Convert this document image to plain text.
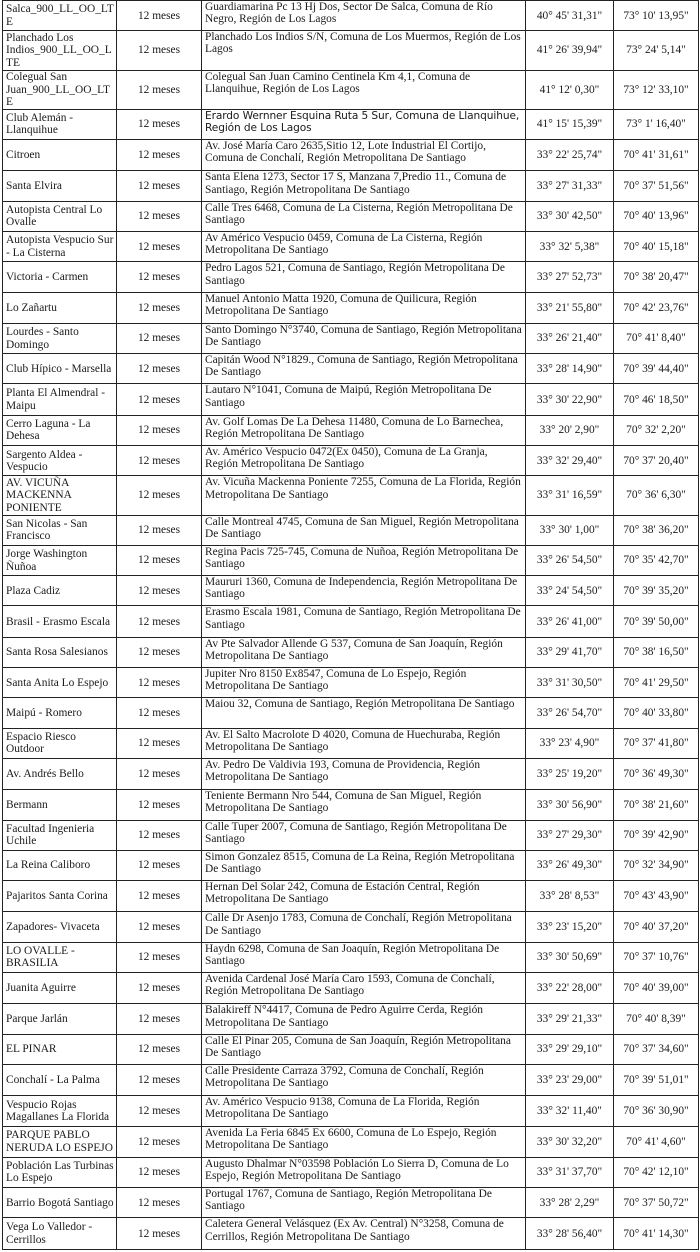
Salca_900_LL_OO_LTE	12 meses	Guardiamarina Pc 13 Hj Dos, Sector De Salca, Comuna de Río Negro, Región de Los Lagos	40° 45' 31,31"	73° 10' 13,95"
Planchado Los Indios_900_LL_OO_LTE	12 meses	Planchado Los Indios S/N, Comuna de Los Muermos, Región de Los Lagos	41° 26' 39,94"	73° 24' 5,14"
Colegual San Juan_900_LL_OO_LTE	12 meses	Colegual San Juan Camino Centinela Km 4,1, Comuna de Llanquihue, Región de Los Lagos	41° 12' 0,30"	73° 12' 33,10"
Club Alemán - Llanquihue	12 meses	Erardo Wernner Esquina Ruta 5 Sur, Comuna de Llanquihue, Región de Los Lagos	41° 15' 15,39"	73° 1' 16,40"
Citroen	12 meses	Av. José María Caro 2635,Sitio 12, Lote Industrial El Cortijo, Comuna de Conchalí, Región Metropolitana De Santiago	33° 22' 25,74"	70° 41' 31,61"
Santa Elvira	12 meses	Santa Elena 1273, Sector 17 S, Manzana 7,Predio 11., Comuna de Santiago, Región Metropolitana De Santiago	33° 27' 31,33"	70° 37' 51,56"
Autopista Central Lo Ovalle	12 meses	Calle Tres 6468, Comuna de La Cisterna, Región Metropolitana De Santiago	33° 30' 42,50"	70° 40' 13,96"
Autopista Vespucio Sur - La Cisterna	12 meses	Av Américo Vespucio 0459, Comuna de La Cisterna, Región Metropolitana De Santiago	33° 32' 5,38"	70° 40' 15,18"
Victoria - Carmen	12 meses	Pedro Lagos 521, Comuna de Santiago, Región Metropolitana De Santiago	33° 27' 52,73"	70° 38' 20,47"
Lo Zañartu	12 meses	Manuel Antonio Matta 1920, Comuna de Quilicura, Región Metropolitana De Santiago	33° 21' 55,80"	70° 42' 23,76"
Lourdes - Santo Domingo	12 meses	Santo Domingo N°3740, Comuna de Santiago, Región Metropolitana De Santiago	33° 26' 21,40"	70° 41' 8,40"
Club Hípico - Marsella	12 meses	Capitán Wood N°1829., Comuna de Santiago, Región Metropolitana De Santiago	33° 28' 14,90"	70° 39' 44,40"
Planta El Almendral - Maipu	12 meses	Lautaro N°1041, Comuna de Maipú, Región Metropolitana De Santiago	33° 30' 22,90"	70° 46' 18,50"
Cerro Laguna - La Dehesa	12 meses	Av. Golf Lomas De La Dehesa 11480, Comuna de Lo Barnechea, Región Metropolitana De Santiago	33° 20' 2,90"	70° 32' 2,20"
Sargento Aldea - Vespucio	12 meses	Av. Américo Vespucio 0472(Ex 0450), Comuna de La Granja, Región Metropolitana De Santiago	33° 32' 29,40"	70° 37' 20,40"
AV. VICUÑA MACKENNA PONIENTE	12 meses	Av. Vicuña Mackenna Poniente 7255, Comuna de La Florida, Región Metropolitana De Santiago	33° 31' 16,59"	70° 36' 6,30"
San Nicolas - San Francisco	12 meses	Calle Montreal 4745, Comuna de San Miguel, Región Metropolitana De Santiago	33° 30' 1,00"	70° 38' 36,20"
Jorge Washington Ñuñoa	12 meses	Regina Pacis 725-745, Comuna de Nuñoa, Región Metropolitana De Santiago	33° 26' 54,50"	70° 35' 42,70"
Plaza Cadiz	12 meses	Maururi 1360, Comuna de Independencia, Región Metropolitana De Santiago	33° 24' 54,50"	70° 39' 35,20"
Brasil - Erasmo Escala	12 meses	Erasmo Escala 1981, Comuna de Santiago, Región Metropolitana De Santiago	33° 26' 41,00"	70° 39' 50,00"
Santa Rosa Salesianos	12 meses	Av Pte Salvador Allende G 537, Comuna de San Joaquín, Región Metropolitana De Santiago	33° 29' 41,70"	70° 38' 16,50"
Santa Anita Lo Espejo	12 meses	Jupiter Nro 8150 Ex8547, Comuna de Lo Espejo, Región Metropolitana De Santiago	33° 31' 30,50"	70° 41' 29,50"
Maipú - Romero	12 meses	Maiou 32, Comuna de Santiago, Región Metropolitana De Santiago	33° 26' 54,70"	70° 40' 33,80"
Espacio Riesco Outdoor	12 meses	Av. El Salto Macrolote D 4020, Comuna de Huechuraba, Región Metropolitana De Santiago	33° 23' 4,90"	70° 37' 41,80"
Av. Andrés Bello	12 meses	Av. Pedro De Valdivia 193, Comuna de Providencia, Región Metropolitana De Santiago	33° 25' 19,20"	70° 36' 49,30"
Bermann	12 meses	Teniente Bermann Nro 544, Comuna de San Miguel, Región Metropolitana De Santiago	33° 30' 56,90"	70° 38' 21,60"
Facultad Ingenieria Uchile	12 meses	Calle Tuper 2007, Comuna de Santiago, Región Metropolitana De Santiago	33° 27' 29,30"	70° 39' 42,90"
La Reina Caliboro	12 meses	Simon Gonzalez 8515, Comuna de La Reina, Región Metropolitana De Santiago	33° 26' 49,30"	70° 32' 34,90"
Pajaritos Santa Corina	12 meses	Hernan Del Solar 242, Comuna de Estación Central, Región Metropolitana De Santiago	33° 28' 8,53"	70° 43' 43,90"
Zapadores- Vivaceta	12 meses	Calle Dr Asenjo 1783, Comuna de Conchalí, Región Metropolitana De Santiago	33° 23' 15,20"	70° 40' 37,20"
LO OVALLE - BRASILIA	12 meses	Haydn 6298, Comuna de San Joaquín, Región Metropolitana De Santiago	33° 30' 50,69"	70° 37' 10,76"
Juanita Aguirre	12 meses	Avenida Cardenal José María Caro 1593, Comuna de Conchalí, Región Metropolitana De Santiago	33° 22' 28,00"	70° 40' 39,00"
Parque Jarlán	12 meses	Balakireff N°4417, Comuna de Pedro Aguirre Cerda, Región Metropolitana De Santiago	33° 29' 21,33"	70° 40' 8,39"
EL PINAR	12 meses	Calle El Pinar 205, Comuna de San Joaquín, Región Metropolitana De Santiago	33° 29' 29,10"	70° 37' 34,60"
Conchalí - La Palma	12 meses	Calle Presidente Carraza 3792, Comuna de Conchalí, Región Metropolitana De Santiago	33° 23' 29,00"	70° 39' 51,01"
Vespucio Rojas Magallanes La Florida	12 meses	Av. Américo Vespucio 9138, Comuna de La Florida, Región Metropolitana De Santiago	33° 32' 11,40"	70° 36' 30,90"
PARQUE PABLO NERUDA LO ESPEJO	12 meses	Avenida La Feria 6845 Ex 6600, Comuna de Lo Espejo, Región Metropolitana De Santiago	33° 30' 32,20"	70° 41' 4,60"
Población Las Turbinas Lo Espejo	12 meses	Augusto Dhalmar N°03598 Población Lo Sierra D, Comuna de Lo Espejo, Región Metropolitana De Santiago	33° 31' 37,70"	70° 42' 12,10"
Barrio Bogotá Santiago	12 meses	Portugal 1767, Comuna de Santiago, Región Metropolitana De Santiago	33° 28' 2,29"	70° 37' 50,72"
Vega Lo Valledor - Cerrillos	12 meses	Caletera General Velásquez (Ex Av. Central) N°3258, Comuna de Cerrillos, Región Metropolitana De Santiago	33° 28' 56,40"	70° 41' 14,30"
